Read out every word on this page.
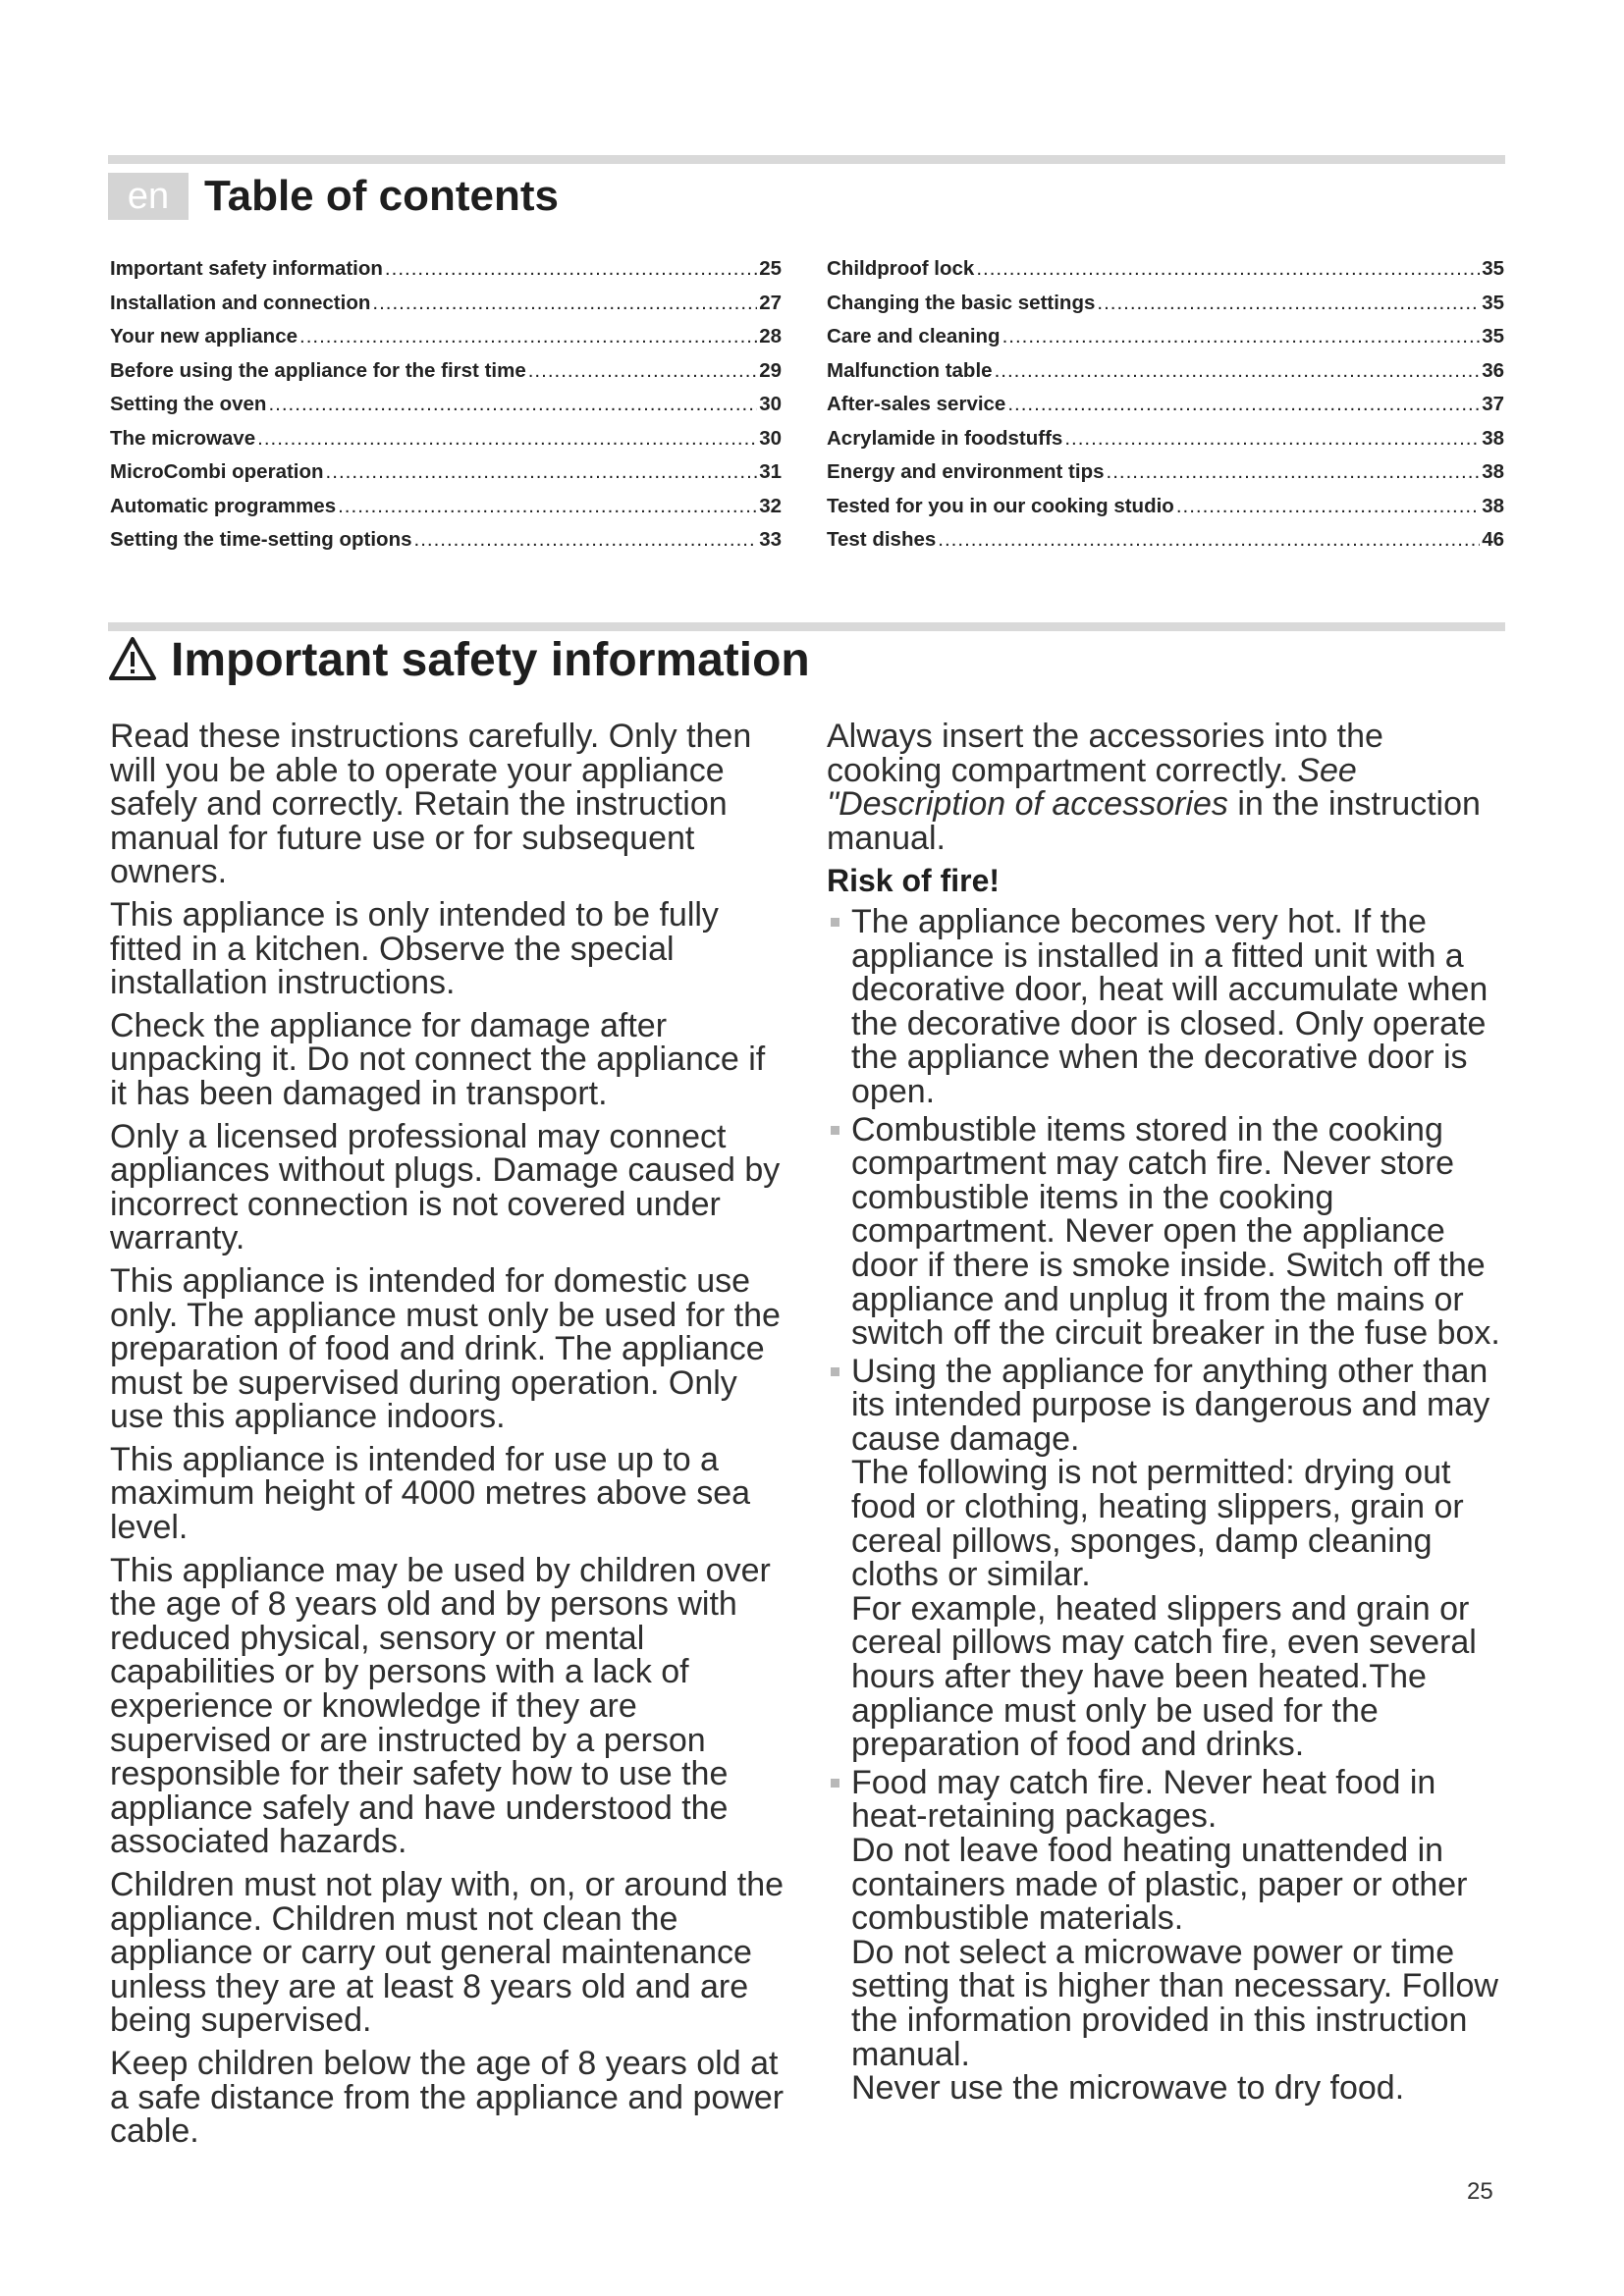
en Table of contents
Important safety information .....	25
Installation and connection .....	27
Your new appliance .....	28
Before using the appliance for the first time .....	29
Setting the oven .....	30
The microwave .....	30
MicroCombi operation .....	31
Automatic programmes .....	32
Setting the time-setting options .....	33
Childproof lock .....	35
Changing the basic settings .....	35
Care and cleaning .....	35
Malfunction table .....	36
After-sales service .....	37
Acrylamide in foodstuffs .....	38
Energy and environment tips .....	38
Tested for you in our cooking studio .....	38
Test dishes .....	46
Important safety information

Read these instructions carefully. Only then will you be able to operate your appliance safely and correctly. Retain the instruction manual for future use or for subsequent owners.

This appliance is only intended to be fully fitted in a kitchen. Observe the special installation instructions.

Check the appliance for damage after unpacking it. Do not connect the appliance if it has been damaged in transport.

Only a licensed professional may connect appliances without plugs. Damage caused by incorrect connection is not covered under warranty.

This appliance is intended for domestic use only. The appliance must only be used for the preparation of food and drink. The appliance must be supervised during operation. Only use this appliance indoors.

This appliance is intended for use up to a maximum height of 4000 metres above sea level.

This appliance may be used by children over the age of 8 years old and by persons with reduced physical, sensory or mental capabilities or by persons with a lack of experience or knowledge if they are supervised or are instructed by a person responsible for their safety how to use the appliance safely and have understood the associated hazards.

Children must not play with, on, or around the appliance. Children must not clean the appliance or carry out general maintenance unless they are at least 8 years old and are being supervised.

Keep children below the age of 8 years old at a safe distance from the appliance and power cable.

Always insert the accessories into the cooking compartment correctly. See "Description of accessories in the instruction manual.

Risk of fire!
The appliance becomes very hot. If the appliance is installed in a fitted unit with a decorative door, heat will accumulate when the decorative door is closed. Only operate the appliance when the decorative door is open.
Combustible items stored in the cooking compartment may catch fire. Never store combustible items in the cooking compartment. Never open the appliance door if there is smoke inside. Switch off the appliance and unplug it from the mains or switch off the circuit breaker in the fuse box.
Using the appliance for anything other than its intended purpose is dangerous and may cause damage.
The following is not permitted: drying out food or clothing, heating slippers, grain or cereal pillows, sponges, damp cleaning cloths or similar.
For example, heated slippers and grain or cereal pillows may catch fire, even several hours after they have been heated.The appliance must only be used for the preparation of food and drinks.
Food may catch fire. Never heat food in heat-retaining packages.
Do not leave food heating unattended in containers made of plastic, paper or other combustible materials.
Do not select a microwave power or time setting that is higher than necessary. Follow the information provided in this instruction manual.
Never use the microwave to dry food.
25
